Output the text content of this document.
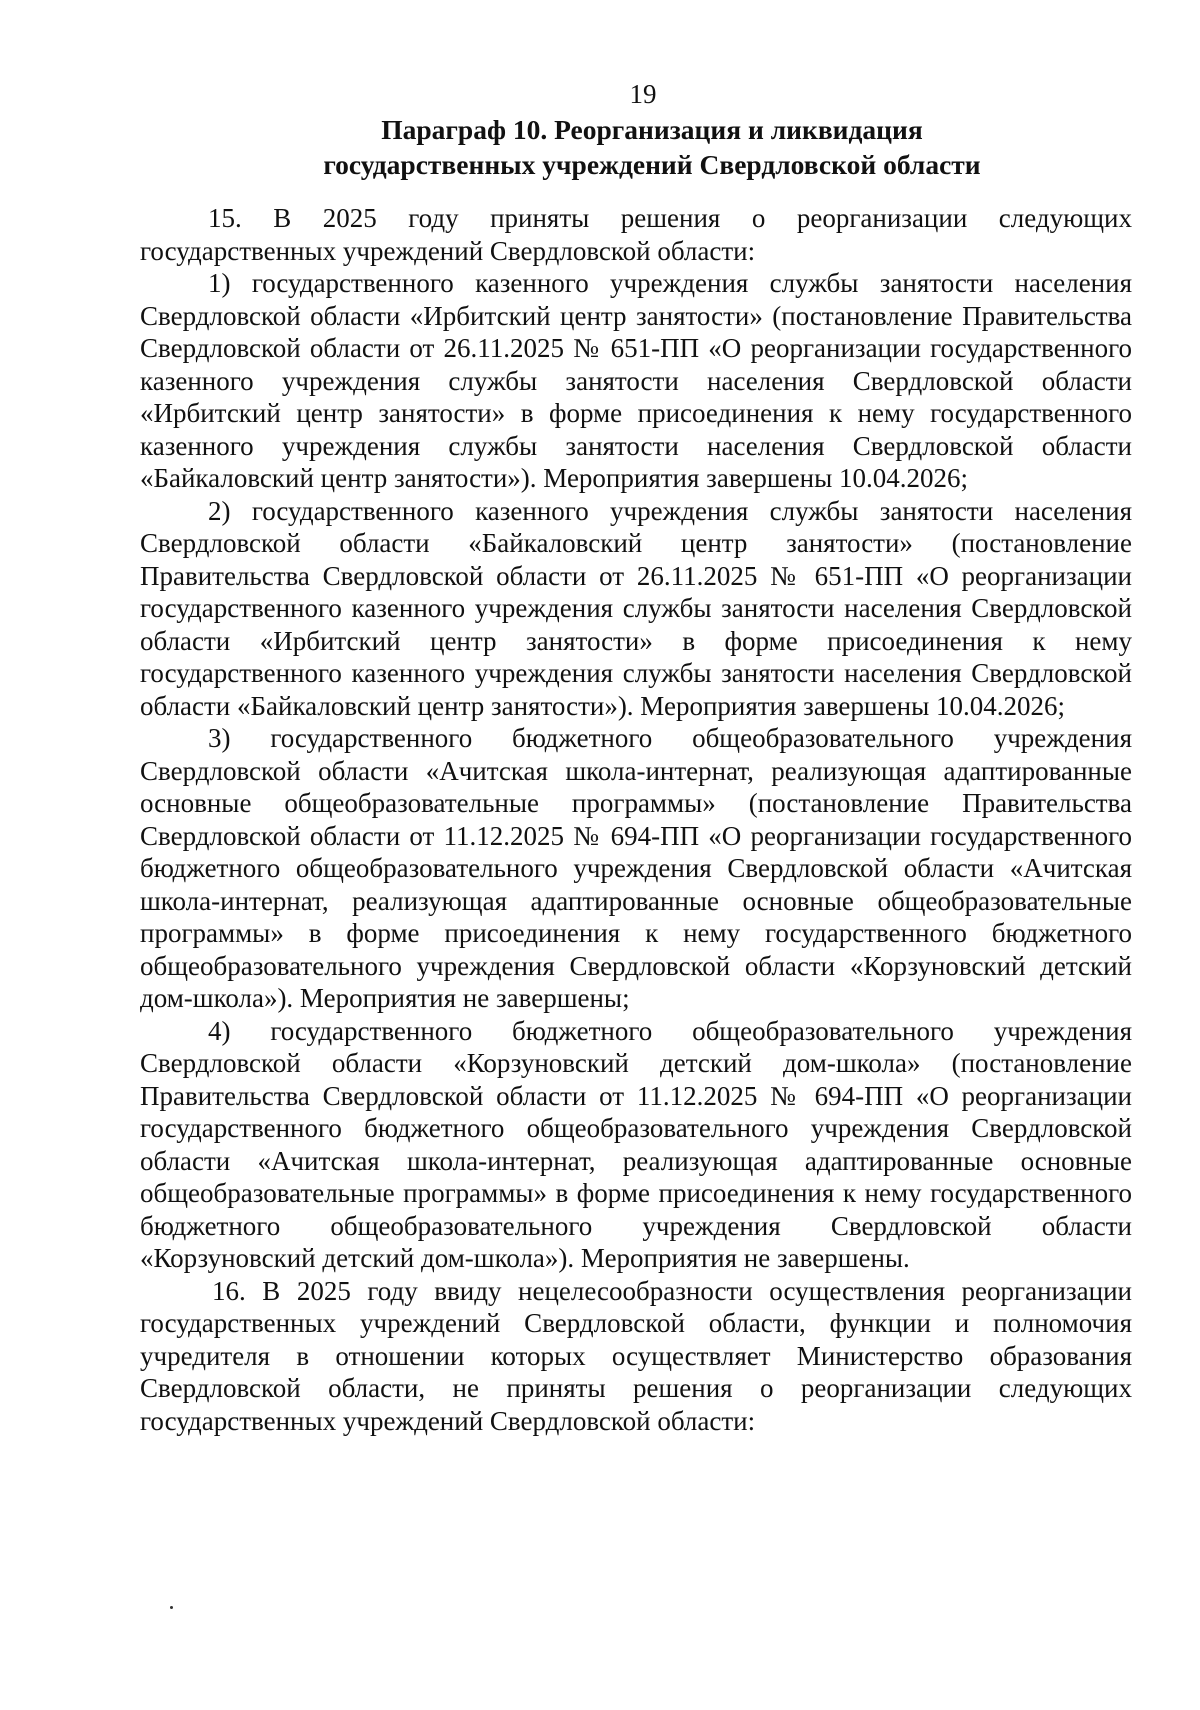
19
Параграф 10. Реорганизация и ликвидация
государственных учреждений Свердловской области

15. В 2025 году приняты решения о реорганизации следующих государственных учреждений Свердловской области:

1) государственного казенного учреждения службы занятости населения Свердловской области «Ирбитский центр занятости» (постановление Правительства Свердловской области от 26.11.2025 № 651-ПП «О реорганизации государственного казенного учреждения службы занятости населения Свердловской области «Ирбитский центр занятости» в форме присоединения к нему государственного казенного учреждения службы занятости населения Свердловской области «Байкаловский центр занятости»). Мероприятия завершены 10.04.2026;

2) государственного казенного учреждения службы занятости населения Свердловской области «Байкаловский центр занятости» (постановление Правительства Свердловской области от 26.11.2025 № 651-ПП «О реорганизации государственного казенного учреждения службы занятости населения Свердловской области «Ирбитский центр занятости» в форме присоединения к нему государственного казенного учреждения службы занятости населения Свердловской области «Байкаловский центр занятости»). Мероприятия завершены 10.04.2026;

3) государственного бюджетного общеобразовательного учреждения Свердловской области «Ачитская школа-интернат, реализующая адаптированные основные общеобразовательные программы» (постановление Правительства Свердловской области от 11.12.2025 № 694-ПП «О реорганизации государственного бюджетного общеобразовательного учреждения Свердловской области «Ачитская школа-интернат, реализующая адаптированные основные общеобразовательные программы» в форме присоединения к нему государственного бюджетного общеобразовательного учреждения Свердловской области «Корзуновский детский дом-школа»). Мероприятия не завершены;

4) государственного бюджетного общеобразовательного учреждения Свердловской области «Корзуновский детский дом-школа» (постановление Правительства Свердловской области от 11.12.2025 № 694-ПП «О реорганизации государственного бюджетного общеобразовательного учреждения Свердловской области «Ачитская школа-интернат, реализующая адаптированные основные общеобразовательные программы» в форме присоединения к нему государственного бюджетного общеобразовательного учреждения Свердловской области «Корзуновский детский дом-школа»). Мероприятия не завершены.

16. В 2025 году ввиду нецелесообразности осуществления реорганизации государственных учреждений Свердловской области, функции и полномочия учредителя в отношении которых осуществляет Министерство образования Свердловской области, не приняты решения о реорганизации следующих государственных учреждений Свердловской области:
